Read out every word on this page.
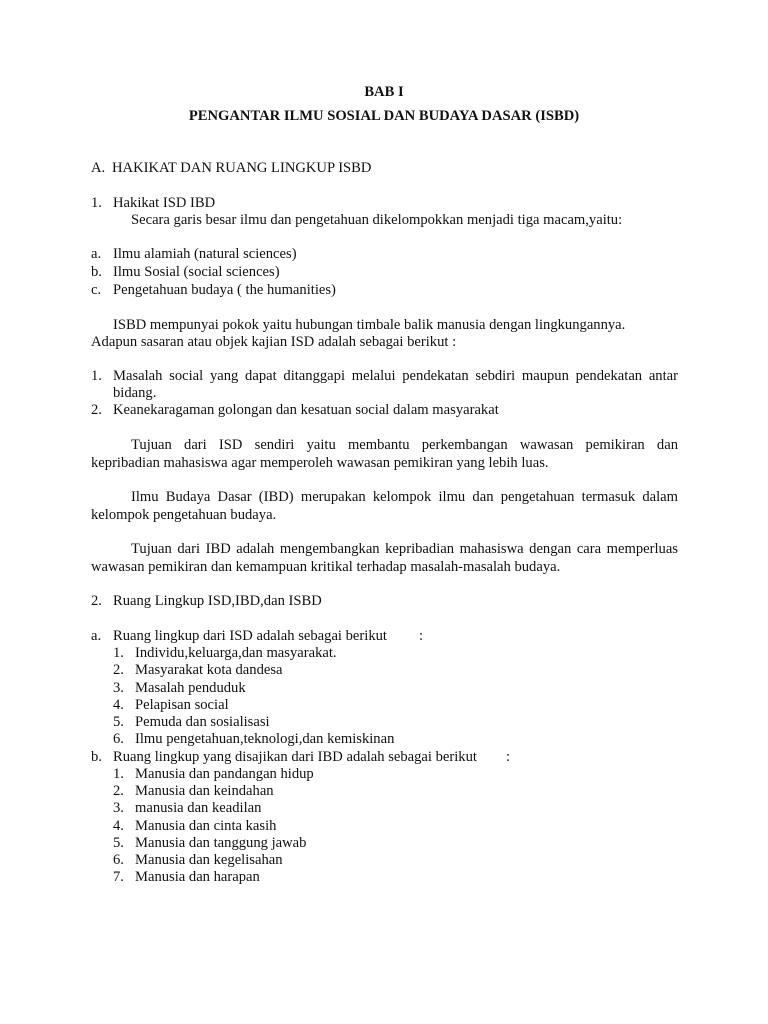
BAB I
PENGANTAR ILMU SOSIAL DAN BUDAYA DASAR (ISBD)
A. HAKIKAT DAN RUANG LINGKUP ISBD
1. Hakikat ISD IBD
Secara garis besar ilmu dan pengetahuan dikelompokkan menjadi tiga macam,yaitu:
a. Ilmu alamiah (natural sciences)
b. Ilmu Sosial (social sciences)
c. Pengetahuan budaya ( the humanities)
ISBD mempunyai pokok yaitu hubungan timbale balik manusia dengan lingkungannya.
Adapun sasaran atau objek kajian ISD adalah sebagai berikut :
1. Masalah social yang dapat ditanggapi melalui pendekatan sebdiri maupun pendekatan antar
bidang.
2. Keanekaragaman golongan dan kesatuan social dalam masyarakat
Tujuan dari ISD sendiri yaitu membantu perkembangan wawasan pemikiran dan
kepribadian mahasiswa agar memperoleh wawasan pemikiran yang lebih luas.
Ilmu Budaya Dasar (IBD) merupakan kelompok ilmu dan pengetahuan termasuk dalam
kelompok pengetahuan budaya.
Tujuan dari IBD adalah mengembangkan kepribadian mahasiswa dengan cara memperluas
wawasan pemikiran dan kemampuan kritikal terhadap masalah-masalah budaya.
2. Ruang Lingkup ISD,IBD,dan ISBD
a. Ruang lingkup dari ISD adalah sebagai berikut :
1. Individu,keluarga,dan masyarakat.
2. Masyarakat kota dandesa
3. Masalah penduduk
4. Pelapisan social
5. Pemuda dan sosialisasi
6. Ilmu pengetahuan,teknologi,dan kemiskinan
b. Ruang lingkup yang disajikan dari IBD adalah sebagai berikut :
1. Manusia dan pandangan hidup
2. Manusia dan keindahan
3. manusia dan keadilan
4. Manusia dan cinta kasih
5. Manusia dan tanggung jawab
6. Manusia dan kegelisahan
7. Manusia dan harapan
